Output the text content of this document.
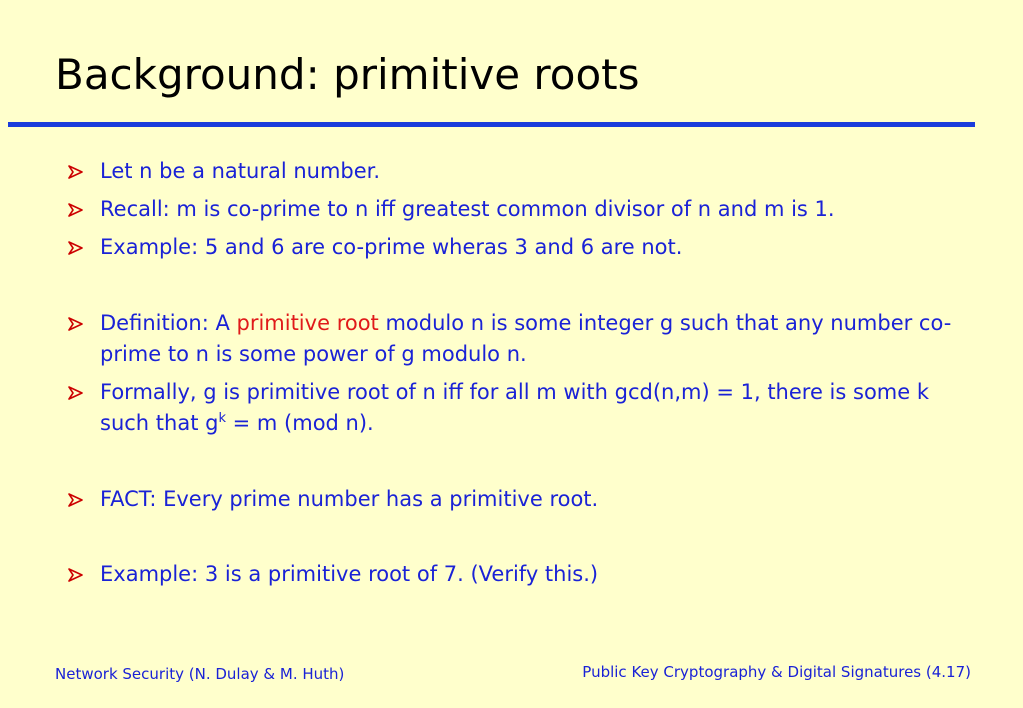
Background: primitive roots
Let n be a natural number.
Recall: m is co-prime to n iff greatest common divisor of n and m is 1.
Example: 5 and 6 are co-prime wheras 3 and 6 are not.
Definition: A primitive root modulo n is some integer g such that any number co-prime to n is some power of g modulo n.
Formally, g is primitive root of n iff for all m with gcd(n,m) = 1, there is some k such that $g^k = m$ (mod n).
FACT: Every prime number has a primitive root.
Example: 3 is a primitive root of 7. (Verify this.)
Network Security (N. Dulay & M. Huth)	Public Key Cryptography & Digital Signatures (4.17)
